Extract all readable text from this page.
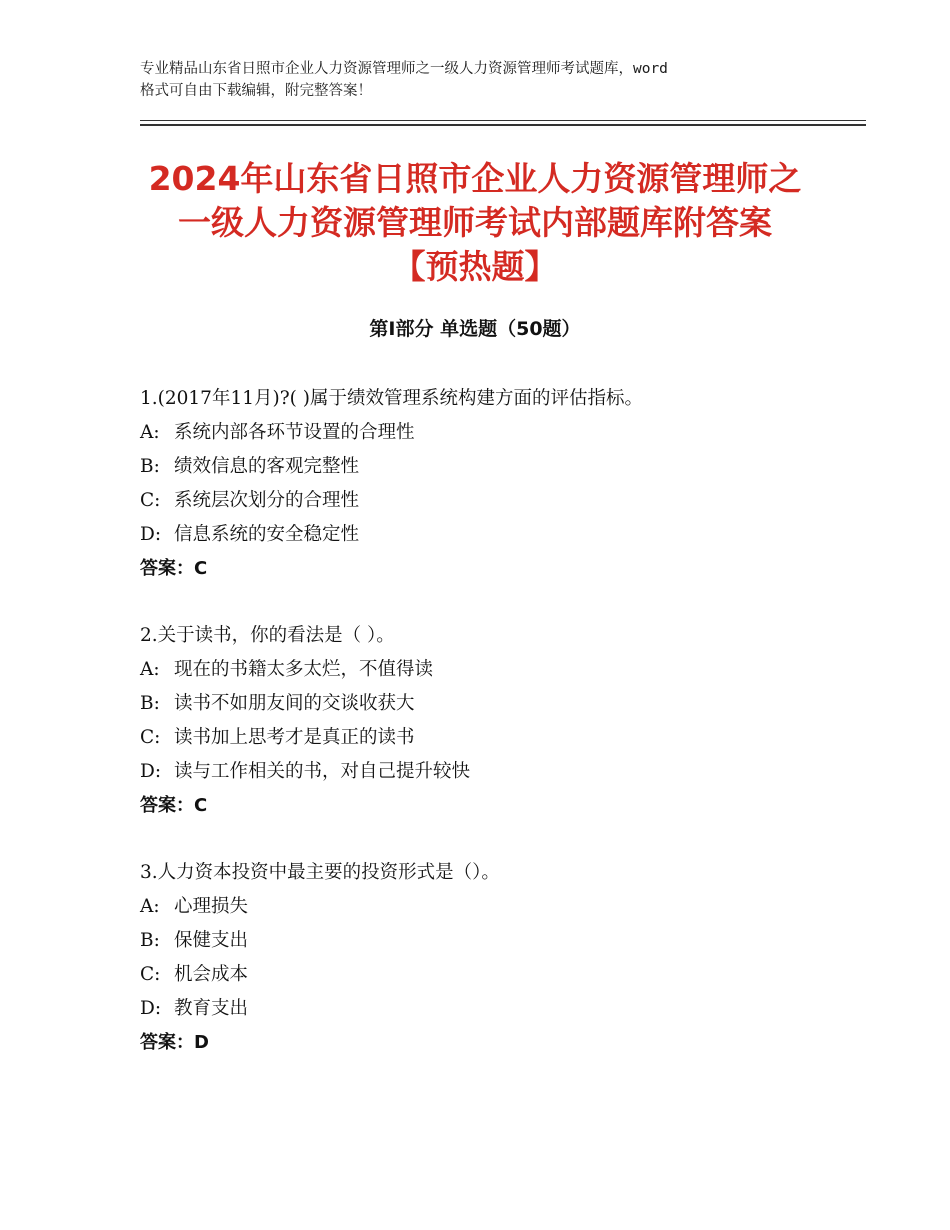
专业精品山东省日照市企业人力资源管理师之一级人力资源管理师考试题库，word
格式可自由下载编辑，附完整答案！
2024年山东省日照市企业人力资源管理师之
一级人力资源管理师考试内部题库附答案
【预热题】
第Ⅰ部分 单选题（50题）
1.(2017年11月)?( )属于绩效管理系统构建方面的评估指标。
A: 系统内部各环节设置的合理性
B: 绩效信息的客观完整性
C: 系统层次划分的合理性
D: 信息系统的安全稳定性
答案：C
2.关于读书，你的看法是（ ）。
A: 现在的书籍太多太烂，不值得读
B: 读书不如朋友间的交谈收获大
C: 读书加上思考才是真正的读书
D: 读与工作相关的书，对自己提升较快
答案：C
3.人力资本投资中最主要的投资形式是（）。
A: 心理损失
B: 保健支出
C: 机会成本
D: 教育支出
答案：D
